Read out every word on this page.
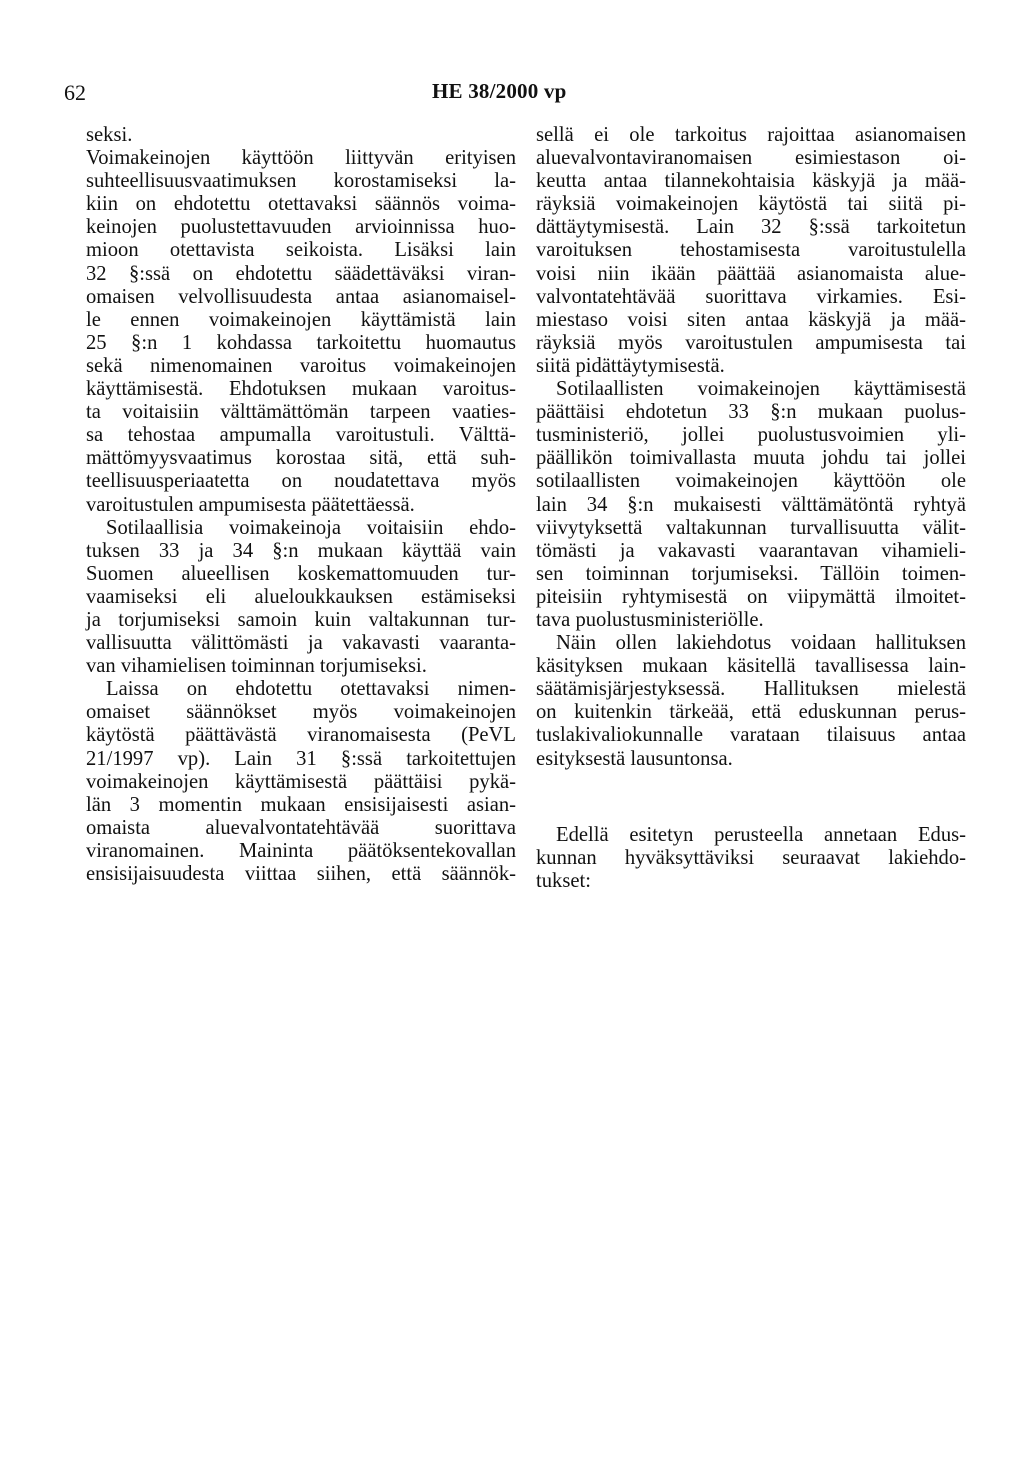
62	HE 38/2000 vp
seksi.
Voimakeinojen käyttöön liittyvän erityisen
suhteellisuusvaatimuksen korostamiseksi la-
kiin on ehdotettu otettavaksi säännös voima-
keinojen puolustettavuuden arvioinnissa huo-
mioon otettavista seikoista. Lisäksi lain
32 §:ssä on ehdotettu säädettäväksi viran-
omaisen velvollisuudesta antaa asianomaisel-
le ennen voimakeinojen käyttämistä lain
25 §:n 1 kohdassa tarkoitettu huomautus
sekä nimenomainen varoitus voimakeinojen
käyttämisestä. Ehdotuksen mukaan varoitus-
ta voitaisiin välttämättömän tarpeen vaaties-
sa tehostaa ampumalla varoitustuli. Välttä-
mättömyysvaatimus korostaa sitä, että suh-
teellisuusperiaatetta on noudatettava myös
varoitustulen ampumisesta päätettäessä.
Sotilaallisia voimakeinoja voitaisiin ehdo-
tuksen 33 ja 34 §:n mukaan käyttää vain
Suomen alueellisen koskemattomuuden tur-
vaamiseksi eli alueloukkauksen estämiseksi
ja torjumiseksi samoin kuin valtakunnan tur-
vallisuutta välittömästi ja vakavasti vaaranta-
van vihamielisen toiminnan torjumiseksi.
Laissa on ehdotettu otettavaksi nimen-
omaiset säännökset myös voimakeinojen
käytöstä päättävästä viranomaisesta (PeVL
21/1997 vp). Lain 31 §:ssä tarkoitettujen
voimakeinojen käyttämisestä päättäisi pykä-
län 3 momentin mukaan ensisijaisesti asian-
omaista aluevalvontatehtävää suorittava
viranomainen. Maininta päätöksentekovallan
ensisijaisuudesta viittaa siihen, että säännök-
sellä ei ole tarkoitus rajoittaa asianomaisen
aluevalvontaviranomaisen esimiestason oi-
keutta antaa tilannekohtaisia käskyjä ja mää-
räyksiä voimakeinojen käytöstä tai siitä pi-
dättäytymisestä. Lain 32 §:ssä tarkoitetun
varoituksen tehostamisesta varoitustulella
voisi niin ikään päättää asianomaista alue-
valvontatehtävää suorittava virkamies. Esi-
miestaso voisi siten antaa käskyjä ja mää-
räyksiä myös varoitustulen ampumisesta tai
siitä pidättäytymisestä.
Sotilaallisten voimakeinojen käyttämisestä
päättäisi ehdotetun 33 §:n mukaan puolus-
tusministeriö, jollei puolustusvoimien yli-
päällikön toimivallasta muuta johdu tai jollei
sotilaallisten voimakeinojen käyttöön ole
lain 34 §:n mukaisesti välttämätöntä ryhtyä
viivytyksettä valtakunnan turvallisuutta välit-
tömästi ja vakavasti vaarantavan vihamieli-
sen toiminnan torjumiseksi. Tällöin toimen-
piteisiin ryhtymisestä on viipymättä ilmoitet-
tava puolustusministeriölle.
Näin ollen lakiehdotus voidaan hallituksen
käsityksen mukaan käsitellä tavallisessa lain-
säätämisjärjestyksessä. Hallituksen mielestä
on kuitenkin tärkeää, että eduskunnan perus-
tuslakivaliokunnalle varataan tilaisuus antaa
esityksestä lausuntonsa.
Edellä esitetyn perusteella annetaan Edus-
kunnan hyväksyttäviksi seuraavat lakiehdo-
tukset:
